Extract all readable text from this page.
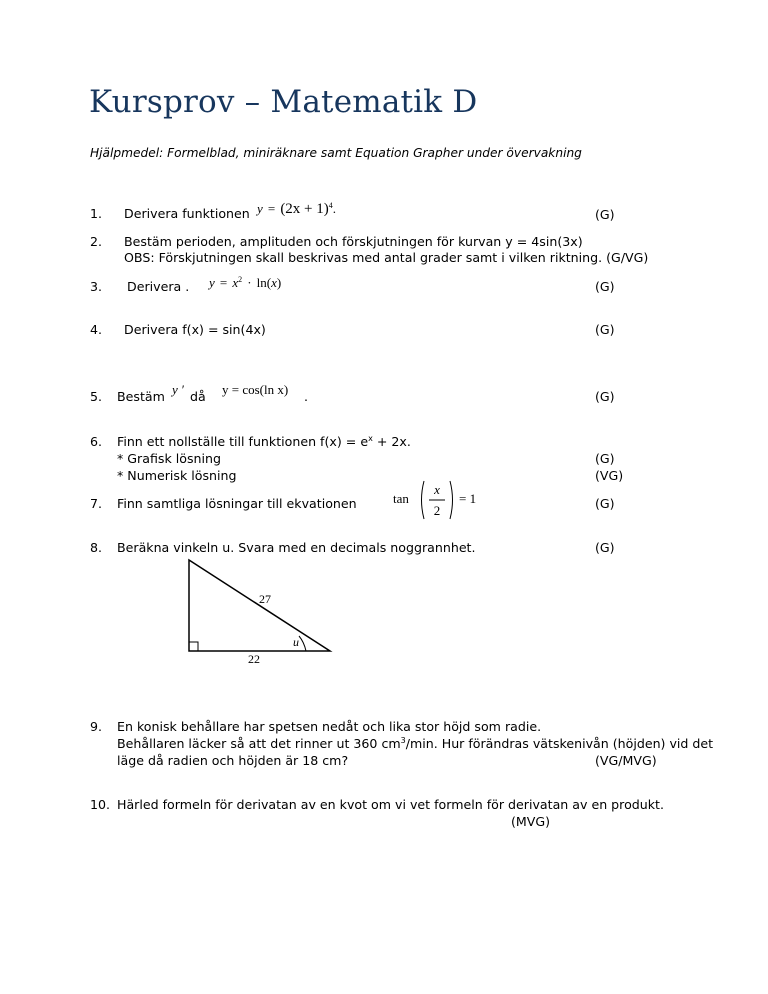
Kursprov – Matematik D
Hjälpmedel: Formelblad, miniräknare samt Equation Grapher under övervakning
1. Derivera funktionen $y = (2x + 1)^4$.	(G)
2. Bestäm perioden, amplituden och förskjutningen för kurvan y = 4sin(3x)
OBS: Förskjutningen skall beskrivas med antal grader samt i vilken riktning. (G/VG)
3. Derivera . $y = x^2 \cdot \ln(x)$	(G)
4. Derivera f(x) = sin(4x)	(G)
5. Bestäm y ′ då y = cos(ln x) .	(G)
6. Finn ett nollställe till funktionen $f(x) = e^x + 2x$.
* Grafisk lösning
* Numerisk lösning
(G)
(VG)
7. Finn samtliga lösningar till ekvationen	tan
x
2
= 1	(G)
8. Beräkna vinkeln u. Svara med en decimals noggrannhet.	(G)
27
22
u
9. En konisk behållare har spetsen nedåt och lika stor höjd som radie.
Behållaren läcker så att det rinner ut 360 $cm^3/\min$. Hur förändras vätskenivån (höjden) vid det
läge då radien och höjden är 18 cm?	(VG/MVG)
10. Härled formeln för derivatan av en kvot om vi vet formeln för derivatan av en produkt.
(MVG)
